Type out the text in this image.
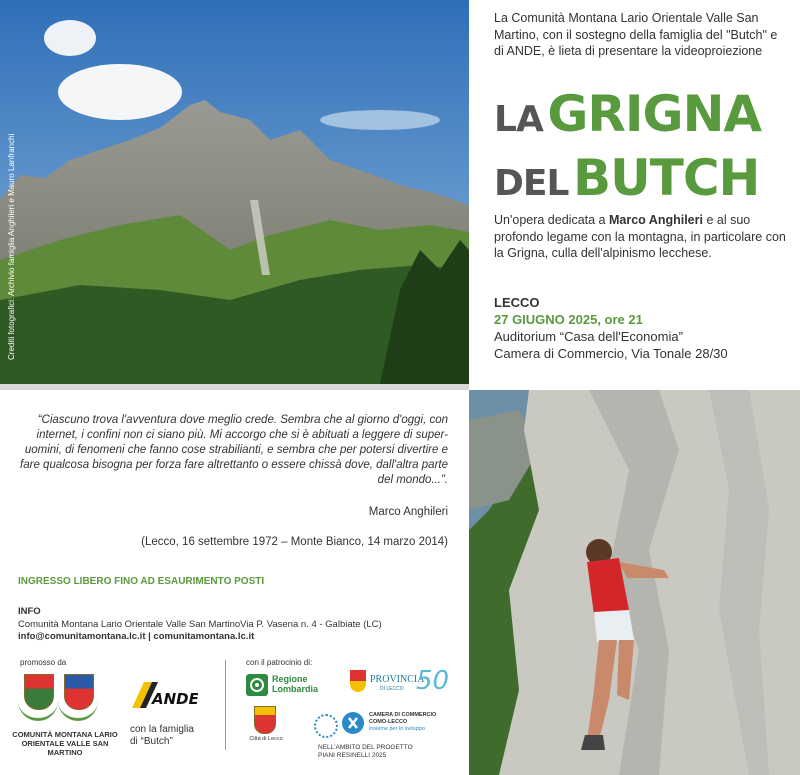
Crediti fotografici: Archivio famiglia Anghileri e Mauro Lanfranchi
La Comunità Montana Lario Orientale Valle San Martino, con il sostegno della famiglia del "Butch" e di ANDE, è lieta di presentare la videoproiezione
LA GRIGNA
DEL BUTCH
Un'opera dedicata a Marco Anghileri e al suo profondo legame con la montagna, in particolare con la Grigna, culla dell'alpinismo lecchese.
LECCO
27 GIUGNO 2025, ore 21
Auditorium “Casa dell'Economia”
Camera di Commercio, Via Tonale 28/30
“Ciascuno trova l'avventura dove meglio crede. Sembra che al giorno d'oggi, con internet, i confini non ci siano più. Mi accorgo che si è abituati a leggere di super-uomini, di fenomeni che fanno cose strabilianti, e sembra che per potersi divertire e fare qualcosa bisogna per forza fare altrettanto o essere chissà dove, dall'altra parte del mondo...”.
Marco Anghileri
(Lecco, 16 settembre 1972 – Monte Bianco, 14 marzo 2014)
INGRESSO LIBERO FINO AD ESAURIMENTO POSTI
INFO
Comunità Montana Lario Orientale Valle San MartinoVia P. Vasena n. 4 - Galbiate (LC)
info@comunitamontana.lc.it | comunitamontana.lc.it
promosso da
COMUNITÀ MONTANA LARIO ORIENTALE VALLE SAN MARTINO
ANDE
con la famiglia
di “Butch”
con il patrocinio di:
Regione
Lombardia
PROVINCIA
DI LECCO 50
Città di Lecco
CAMERA DI COMMERCIO
COMO-LECCO
insieme per lo sviluppo
NELL'AMBITO DEL PROGETTO
PIANI RESINELLI 2025
